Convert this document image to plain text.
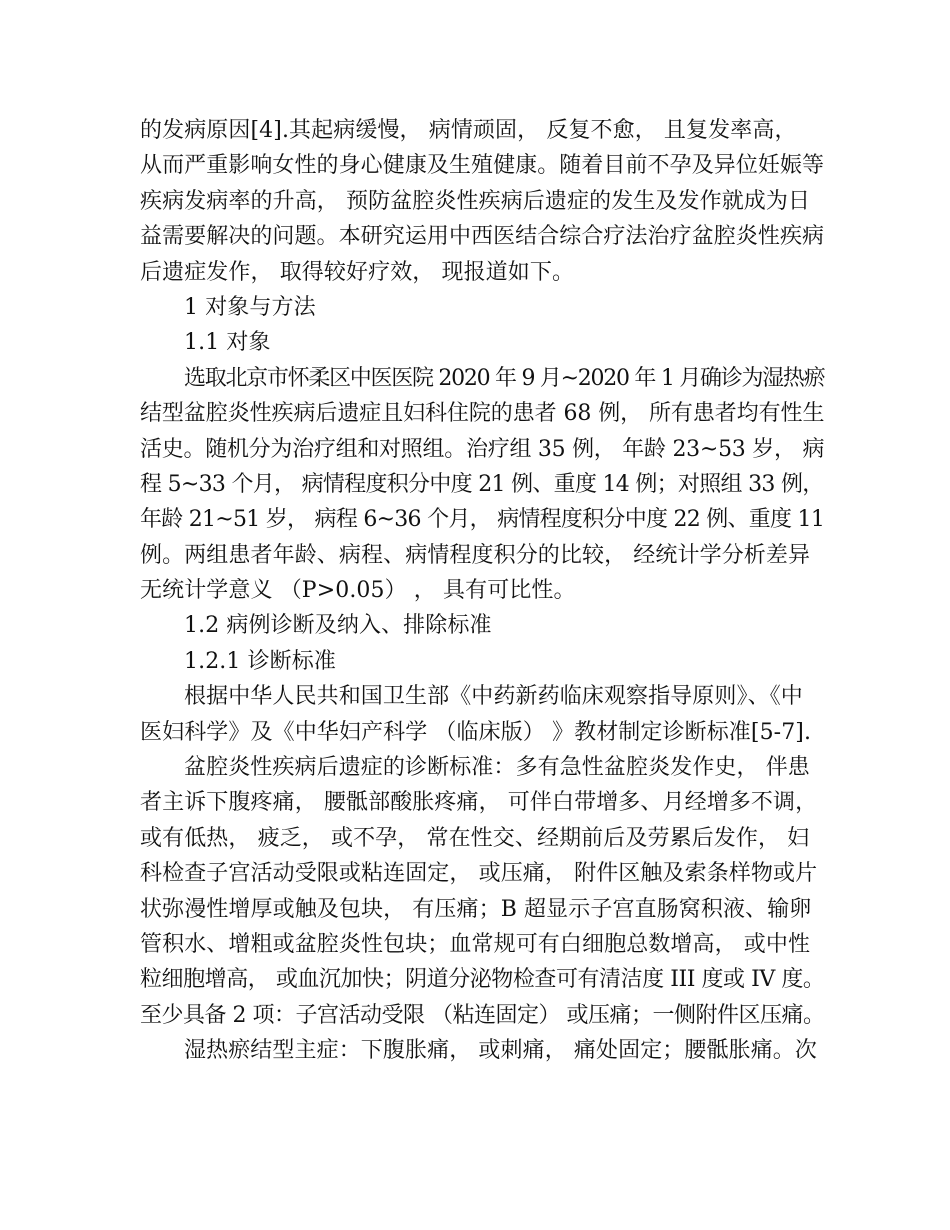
的发病原因[4].其起病缓慢， 病情顽固， 反复不愈， 且复发率高，
从而严重影响女性的身心健康及生殖健康。随着目前不孕及异位妊娠等
疾病发病率的升高， 预防盆腔炎性疾病后遗症的发生及发作就成为日
益需要解决的问题。本研究运用中西医结合综合疗法治疗盆腔炎性疾病
后遗症发作， 取得较好疗效， 现报道如下。
1 对象与方法
1.1 对象
选取北京市怀柔区中医医院 2020 年 9 月~2020 年 1 月确诊为湿热瘀
结型盆腔炎性疾病后遗症且妇科住院的患者 68 例， 所有患者均有性生
活史。随机分为治疗组和对照组。治疗组 35 例， 年龄 23~53 岁， 病
程 5~33 个月， 病情程度积分中度 21 例、重度 14 例；对照组 33 例，
年龄 21~51 岁， 病程 6~36 个月， 病情程度积分中度 22 例、重度 11
例。两组患者年龄、病程、病情程度积分的比较， 经统计学分析差异
无统计学意义 （P>0.05） ， 具有可比性。
1.2 病例诊断及纳入、排除标准
1.2.1 诊断标准
根据中华人民共和国卫生部《中药新药临床观察指导原则》、《中
医妇科学》及《中华妇产科学 （临床版） 》教材制定诊断标准[5-7].
盆腔炎性疾病后遗症的诊断标准：多有急性盆腔炎发作史， 伴患
者主诉下腹疼痛， 腰骶部酸胀疼痛， 可伴白带增多、月经增多不调，
或有低热， 疲乏， 或不孕， 常在性交、经期前后及劳累后发作， 妇
科检查子宫活动受限或粘连固定， 或压痛， 附件区触及索条样物或片
状弥漫性增厚或触及包块， 有压痛；B 超显示子宫直肠窝积液、输卵
管积水、增粗或盆腔炎性包块；血常规可有白细胞总数增高， 或中性
粒细胞增高， 或血沉加快；阴道分泌物检查可有清洁度 III 度或 IV 度。
至少具备 2 项：子宫活动受限 （粘连固定） 或压痛；一侧附件区压痛。
湿热瘀结型主症：下腹胀痛， 或刺痛， 痛处固定；腰骶胀痛。次
